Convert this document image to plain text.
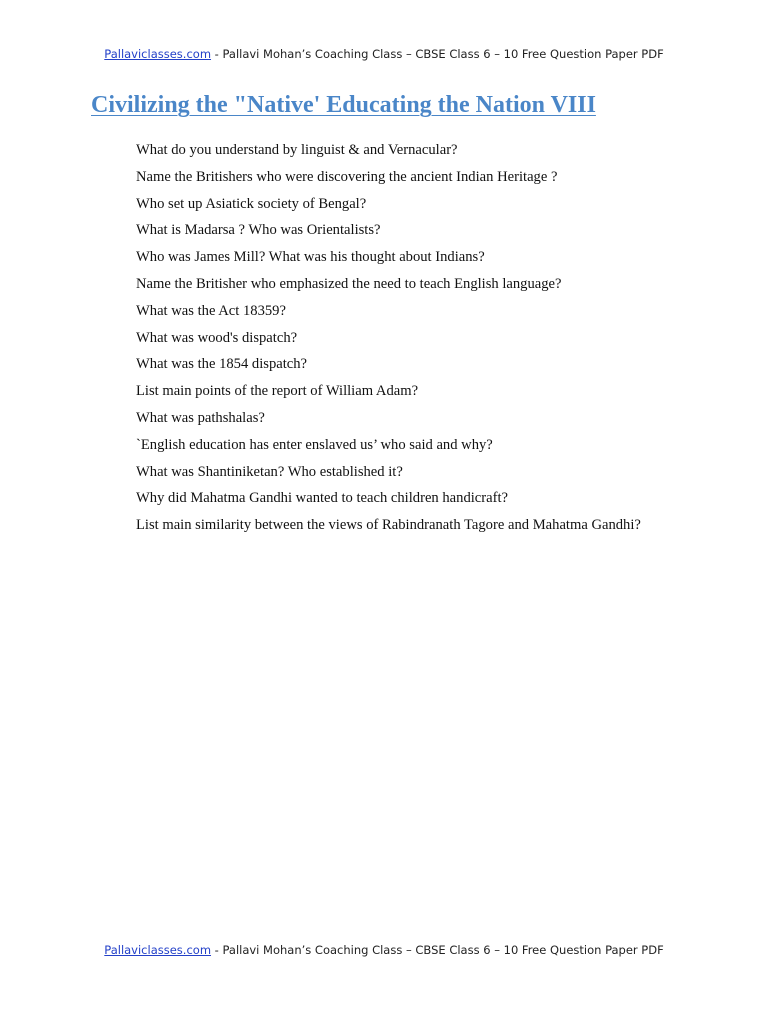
Pallaviclasses.com - Pallavi Mohan’s Coaching Class – CBSE Class 6 – 10 Free Question Paper PDF
Civilizing the "Native' Educating the Nation VIII
What do you understand by linguist & and Vernacular?
Name the Britishers who were discovering the ancient Indian Heritage ?
Who set up Asiatick society of Bengal?
What is Madarsa ? Who was Orientalists?
Who was James Mill? What was his thought about Indians?
Name the Britisher who emphasized the need to teach English language?
What was the Act 18359?
What was wood's dispatch?
What was the 1854 dispatch?
List main points of the report of William Adam?
What was pathshalas?
`English education has enter enslaved us’ who said and why?
What was Shantiniketan? Who established it?
Why did Mahatma Gandhi wanted to teach children handicraft?
List main similarity between the views of Rabindranath Tagore and Mahatma Gandhi?
Pallaviclasses.com - Pallavi Mohan’s Coaching Class – CBSE Class 6 – 10 Free Question Paper PDF
